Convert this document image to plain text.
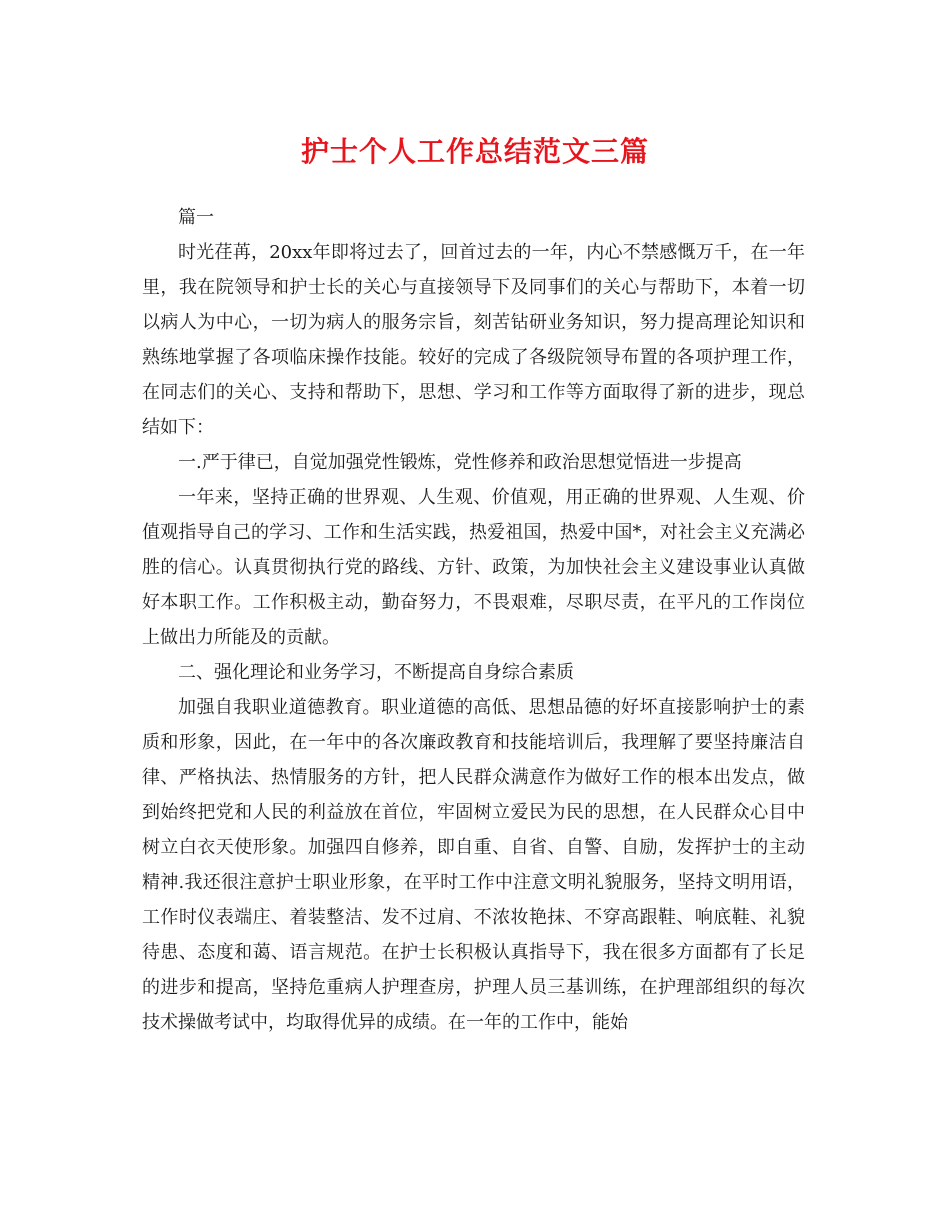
护士个人工作总结范文三篇

篇一

时光荏苒，20xx年即将过去了，回首过去的一年，内心不禁感慨万千，在一年里，我在院领导和护士长的关心与直接领导下及同事们的关心与帮助下，本着一切以病人为中心，一切为病人的服务宗旨，刻苦钻研业务知识，努力提高理论知识和熟练地掌握了各项临床操作技能。较好的完成了各级院领导布置的各项护理工作，在同志们的关心、支持和帮助下，思想、学习和工作等方面取得了新的进步，现总结如下：

一.严于律已，自觉加强党性锻炼，党性修养和政治思想觉悟进一步提高

一年来，坚持正确的世界观、人生观、价值观，用正确的世界观、人生观、价值观指导自己的学习、工作和生活实践，热爱祖国，热爱中国*，对社会主义充满必胜的信心。认真贯彻执行党的路线、方针、政策，为加快社会主义建设事业认真做好本职工作。工作积极主动，勤奋努力，不畏艰难，尽职尽责，在平凡的工作岗位上做出力所能及的贡献。

二、强化理论和业务学习，不断提高自身综合素质

加强自我职业道德教育。职业道德的高低、思想品德的好坏直接影响护士的素质和形象，因此，在一年中的各次廉政教育和技能培训后，我理解了要坚持廉洁自律、严格执法、热情服务的方针，把人民群众满意作为做好工作的根本出发点，做到始终把党和人民的利益放在首位，牢固树立爱民为民的思想，在人民群众心目中树立白衣天使形象。加强四自修养，即自重、自省、自警、自励，发挥护士的主动精神.我还很注意护士职业形象，在平时工作中注意文明礼貌服务，坚持文明用语，工作时仪表端庄、着装整洁、发不过肩、不浓妆艳抹、不穿高跟鞋、响底鞋、礼貌待患、态度和蔼、语言规范。在护士长积极认真指导下，我在很多方面都有了长足的进步和提高，坚持危重病人护理查房，护理人员三基训练，在护理部组织的每次技术操做考试中，均取得优异的成绩。在一年的工作中，能始
